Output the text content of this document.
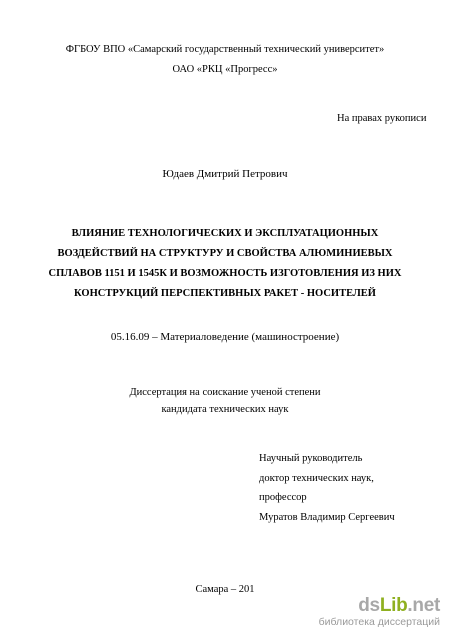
ФГБОУ ВПО «Самарский государственный технический университет»
ОАО «РКЦ «Прогресс»
На правах рукописи
Юдаев Дмитрий Петрович
ВЛИЯНИЕ ТЕХНОЛОГИЧЕСКИХ И ЭКСПЛУАТАЦИОННЫХ
ВОЗДЕЙСТВИЙ НА СТРУКТУРУ И СВОЙСТВА АЛЮМИНИЕВЫХ
СПЛАВОВ 1151 И 1545К И ВОЗМОЖНОСТЬ ИЗГОТОВЛЕНИЯ ИЗ НИХ
КОНСТРУКЦИЙ ПЕРСПЕКТИВНЫХ РАКЕТ - НОСИТЕЛЕЙ
05.16.09 – Материаловедение (машиностроение)
Диссертация на соискание ученой степени
кандидата технических наук
Научный руководитель
доктор технических наук,
профессор
Муратов Владимир Сергеевич
Самара – 201
dsLib.net
библиотека диссертаций
